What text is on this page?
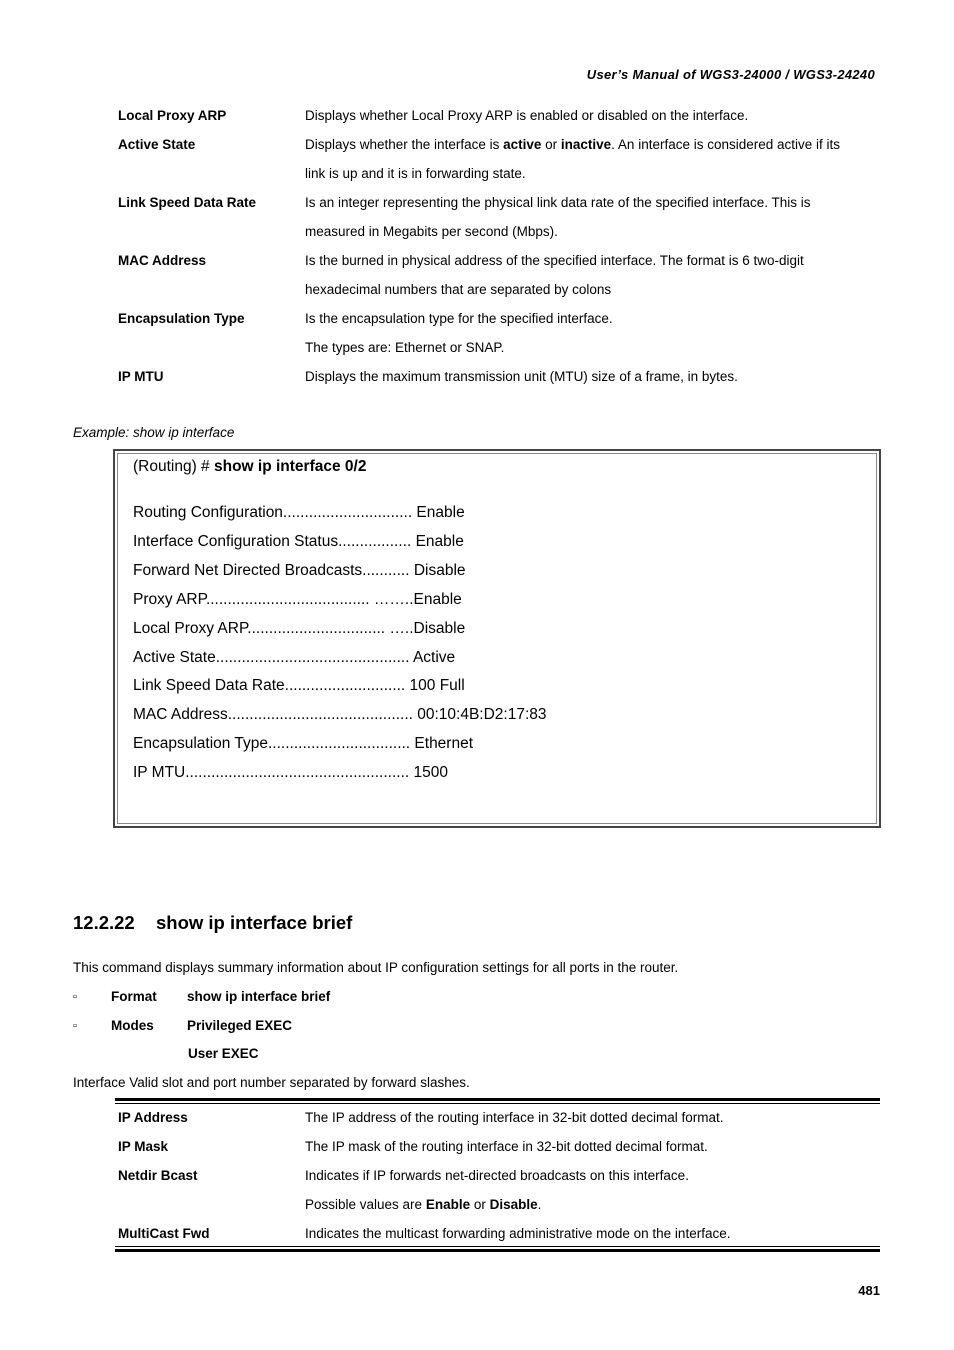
User’s Manual of WGS3-24000 / WGS3-24240
Local Proxy ARP	Displays whether Local Proxy ARP is enabled or disabled on the interface.
Active State	Displays whether the interface is active or inactive. An interface is considered active if its
link is up and it is in forwarding state.
Link Speed Data Rate	Is an integer representing the physical link data rate of the specified interface. This is
measured in Megabits per second (Mbps).
MAC Address	Is the burned in physical address of the specified interface. The format is 6 two-digit
hexadecimal numbers that are separated by colons
Encapsulation Type	Is the encapsulation type for the specified interface.
The types are: Ethernet or SNAP.
IP MTU	Displays the maximum transmission unit (MTU) size of a frame, in bytes.
Example: show ip interface
(Routing) # show ip interface 0/2
Routing Configuration.............................. Enable
Interface Configuration Status................. Enable
Forward Net Directed Broadcasts........... Disable
Proxy ARP...................................... ……..Enable
Local Proxy ARP................................ …..Disable
Active State............................................. Active
Link Speed Data Rate............................ 100 Full
MAC Address........................................... 00:10:4B:D2:17:83
Encapsulation Type................................. Ethernet
IP MTU.................................................... 1500
12.2.22 show ip interface brief
This command displays summary information about IP configuration settings for all ports in the router.
▫	Format show ip interface brief
▫	Modes Privileged EXEC
User EXEC
Interface Valid slot and port number separated by forward slashes.
IP Address	The IP address of the routing interface in 32-bit dotted decimal format.
IP Mask	The IP mask of the routing interface in 32-bit dotted decimal format.
Netdir Bcast	Indicates if IP forwards net-directed broadcasts on this interface.
Possible values are Enable or Disable.
MultiCast Fwd	Indicates the multicast forwarding administrative mode on the interface.
481
